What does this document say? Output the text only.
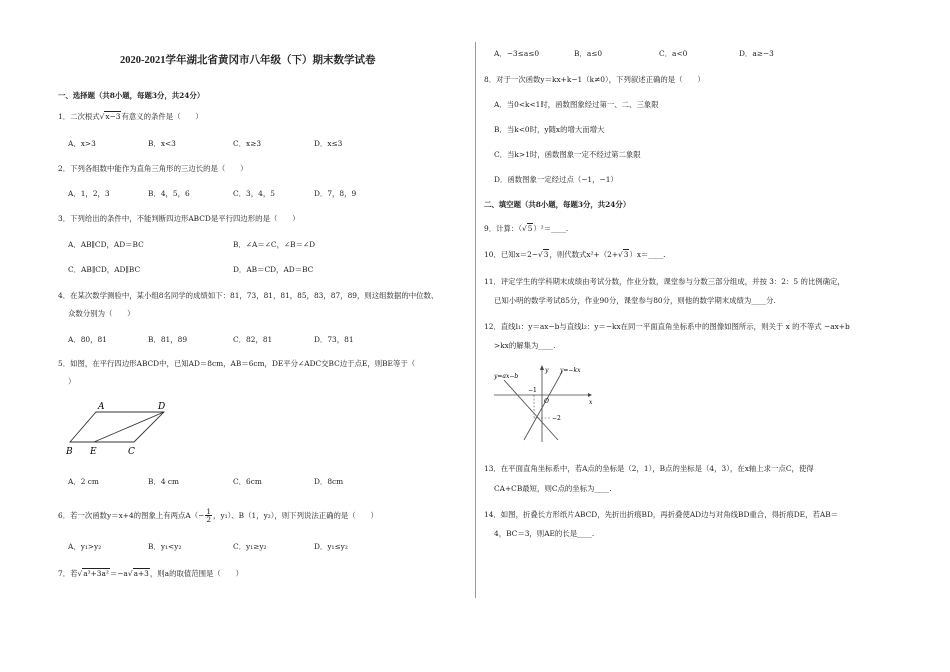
2020-2021学年湖北省黄冈市八年级（下）期末数学试卷
一、选择题（共8小题，每题3分，共24分）
1．二次根式√x−3有意义的条件是（　　）
A．x>3	B．x<3	C．x≥3	D．x≤3
2．下列各组数中能作为直角三角形的三边长的是（　　）
A．1，2，3	B．4，5，6	C．3，4，5	D．7，8，9
3．下列给出的条件中，不能判断四边形ABCD是平行四边形的是（　　）
A．AB∥CD，AD＝BC	B．∠A＝∠C，∠B＝∠D
C．AB∥CD，AD∥BC	D．AB＝CD，AD＝BC
4．在某次数学测验中，某小组8名同学的成绩如下：81，73，81，81，85，83，87，89，则这组数据的中位数、
众数分别为（　　）
A．80，81	B．81，89	C．82，81	D．73，81
5．如图，在平行四边形ABCD中，已知AD＝8cm，AB＝6cm，DE平分∠ADC交BC边于点E，则BE等于（
）
A	D
B E	C
A．2 cm	B．4 cm	C．6cm	D．8cm
6．若一次函数y＝x+4的图象上有两点$A(- \frac{1}{2}$ ，y₁）、B（1，y₂），则下列说法正确的是（　　）
A．y₁>y₂	B．y₁<y₂	C．y₁≥y₂	D．y₁≤y₂
7．若√a³+3a²＝−a√a+3，则a的取值范围是（　　）
A．−3≤a≤0	B．a≤0	C．a<0	D．a≥−3
8．对于一次函数y＝kx+k−1（k≠0），下列叙述正确的是（　　）
A．当0<k<1时，函数图象经过第一、二、三象限
B．当k<0时，y随x的增大而增大
C．当k>1时，函数图象一定不经过第二象限
D．函数图象一定经过点（−1，−1）
二、填空题（共8小题，每题3分，共24分）
9．计算：（√5）²＝____.
10．已知x＝2−√3，则代数式x²+（2+√3）x＝____.
11．评定学生的学科期末成绩由考试分数，作业分数，课堂参与分数三部分组成，并按 3：2：5 的比例确定，
已知小明的数学考试85分，作业90分，课堂参与80分，则他的数学期末成绩为____分.
12．直线l₁：y＝ax−b与直线l₂：y＝−kx在同一平面直角坐标系中的图像如图所示，则关于 x 的不等式 −ax+b
>kx的解集为____.
y=ax−b
y=−kx
x
y
O
−1
−2
13．在平面直角坐标系中，若A点的坐标是（2，1），B点的坐标是（4，3），在x轴上求一点C，使得
CA+CB最短，则C点的坐标为____.
14．如图，折叠长方形纸片ABCD，先折出折痕BD，再折叠使AD边与对角线BD重合，得折痕DE，若AB＝
4，BC＝3，则AE的长是____.
